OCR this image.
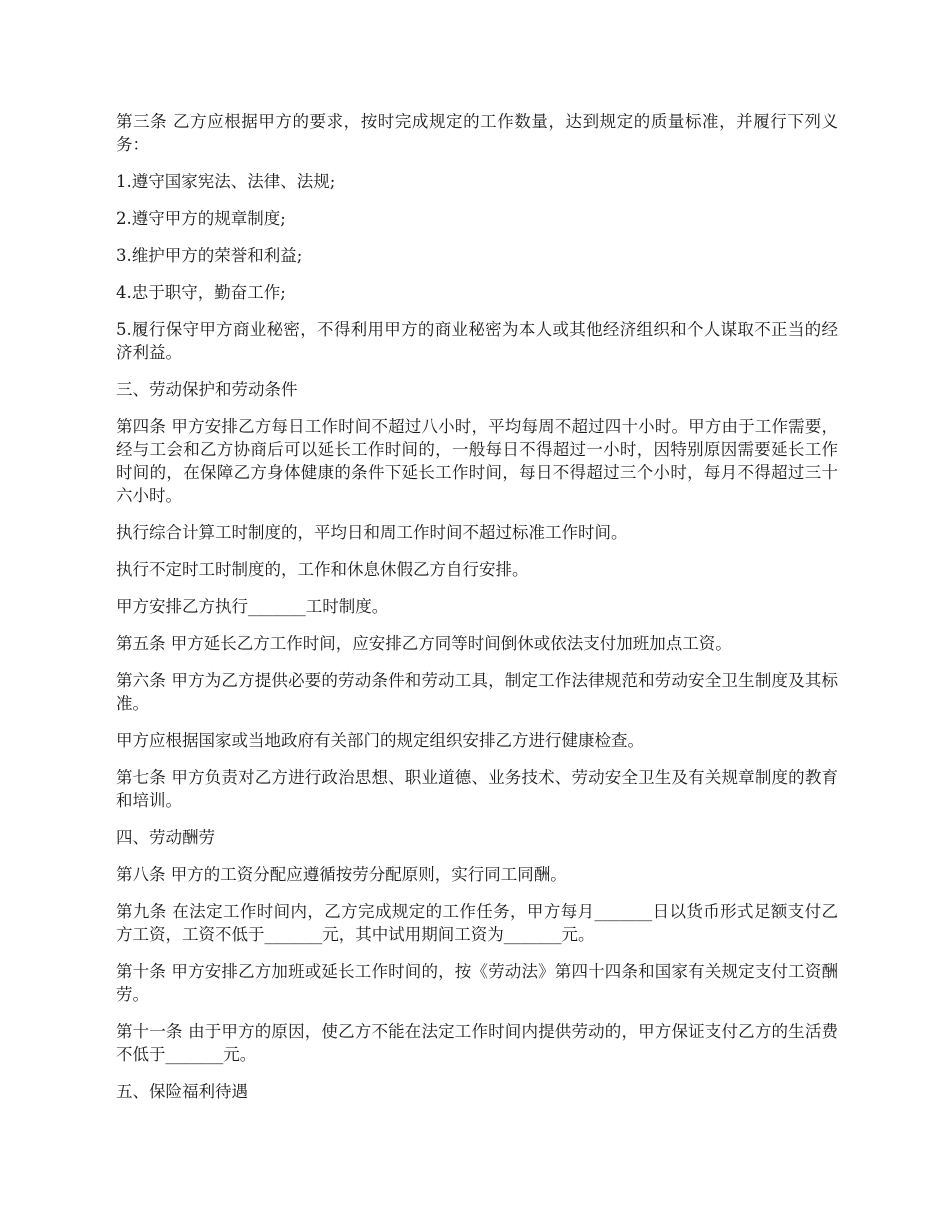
第三条 乙方应根据甲方的要求，按时完成规定的工作数量，达到规定的质量标准，并履行下列义务：

1.遵守国家宪法、法律、法规;

2.遵守甲方的规章制度;

3.维护甲方的荣誉和利益;

4.忠于职守，勤奋工作;

5.履行保守甲方商业秘密，不得利用甲方的商业秘密为本人或其他经济组织和个人谋取不正当的经济利益。

三、劳动保护和劳动条件

第四条 甲方安排乙方每日工作时间不超过八小时，平均每周不超过四十小时。甲方由于工作需要，经与工会和乙方协商后可以延长工作时间的，一般每日不得超过一小时，因特别原因需要延长工作时间的，在保障乙方身体健康的条件下延长工作时间，每日不得超过三个小时，每月不得超过三十六小时。

执行综合计算工时制度的，平均日和周工作时间不超过标准工作时间。

执行不定时工时制度的，工作和休息休假乙方自行安排。

甲方安排乙方执行_______工时制度。

第五条 甲方延长乙方工作时间，应安排乙方同等时间倒休或依法支付加班加点工资。

第六条 甲方为乙方提供必要的劳动条件和劳动工具，制定工作法律规范和劳动安全卫生制度及其标准。

甲方应根据国家或当地政府有关部门的规定组织安排乙方进行健康检查。

第七条 甲方负责对乙方进行政治思想、职业道德、业务技术、劳动安全卫生及有关规章制度的教育和培训。

四、劳动酬劳

第八条 甲方的工资分配应遵循按劳分配原则，实行同工同酬。

第九条 在法定工作时间内，乙方完成规定的工作任务，甲方每月_______日以货币形式足额支付乙方工资，工资不低于_______元，其中试用期间工资为_______元。

第十条 甲方安排乙方加班或延长工作时间的，按《劳动法》第四十四条和国家有关规定支付工资酬劳。

第十一条 由于甲方的原因，使乙方不能在法定工作时间内提供劳动的，甲方保证支付乙方的生活费不低于_______元。

五、保险福利待遇
